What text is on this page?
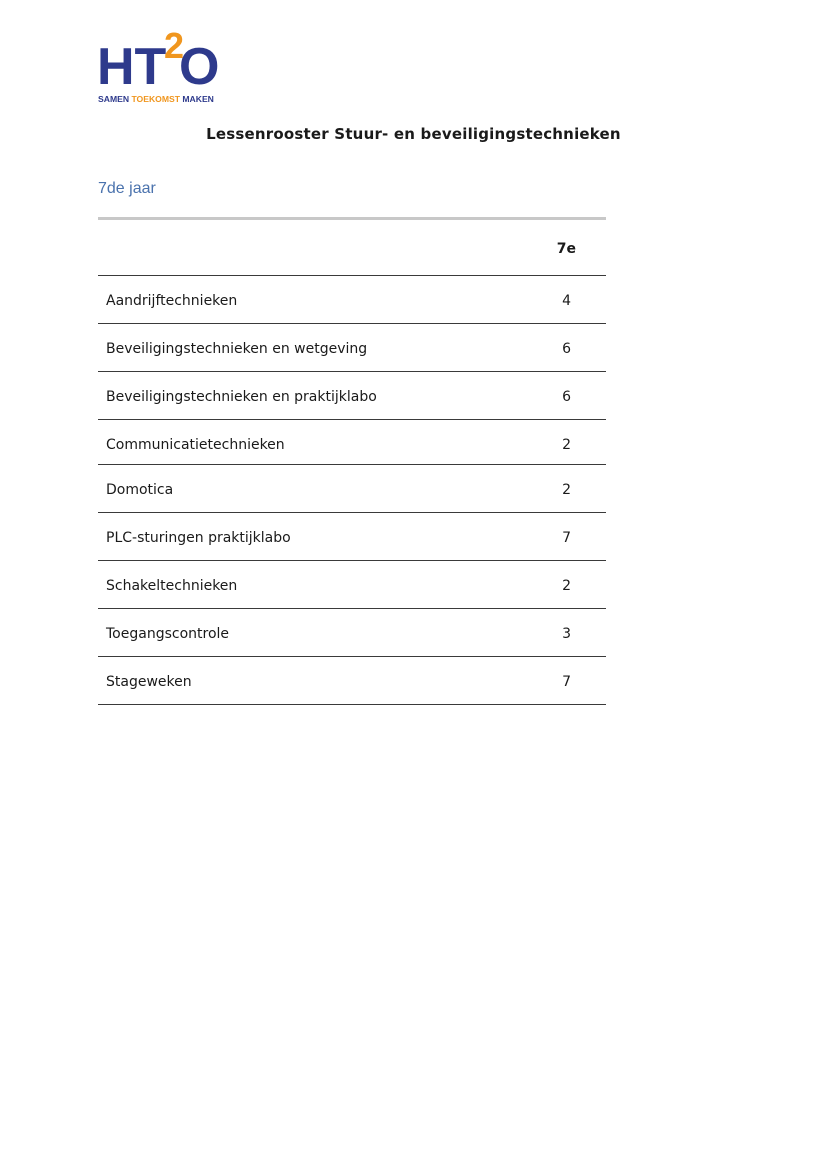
HT
2
O
SAMEN TOEKOMST MAKEN
Lessenrooster Stuur- en beveiligingstechnieken
7de jaar
7e
Aandrijftechnieken	4
Beveiligingstechnieken en wetgeving	6
Beveiligingstechnieken en praktijklabo	6
Communicatietechnieken	2
Domotica	2
PLC-sturingen praktijklabo	7
Schakeltechnieken	2
Toegangscontrole	3
Stageweken	7
